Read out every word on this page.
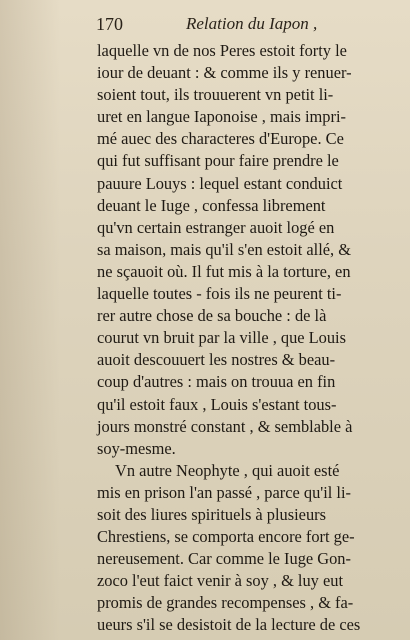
170	Relation du Iapon ,
laquelle vn de nos Peres estoit forty le
iour de deuant : & comme ils y renuer-
soient tout, ils trouuerent vn petit li-
uret en langue Iaponoise , mais impri-
mé auec des characteres d'Europe. Ce
qui fut suffisant pour faire prendre le
pauure Louys : lequel estant conduict
deuant le Iuge , confessa librement
qu'vn certain estranger auoit logé en
sa maison, mais qu'il s'en estoit allé, &
ne sçauoit où. Il fut mis à la torture, en
laquelle toutes - fois ils ne peurent ti-
rer autre chose de sa bouche : de là
courut vn bruit par la ville , que Louis
auoit descouuert les nostres & beau-
coup d'autres : mais on trouua en fin
qu'il estoit faux , Louis s'estant tous-
jours monstré constant , & semblable à
soy-mesme.
Vn autre Neophyte , qui auoit esté
mis en prison l'an passé , parce qu'il li-
soit des liures spirituels à plusieurs
Chrestiens, se comporta encore fort ge-
nereusement. Car comme le Iuge Gon-
zoco l'eut faict venir à soy , & luy eut
promis de grandes recompenses , & fa-
ueurs s'il se desistoit de la lecture de ces
